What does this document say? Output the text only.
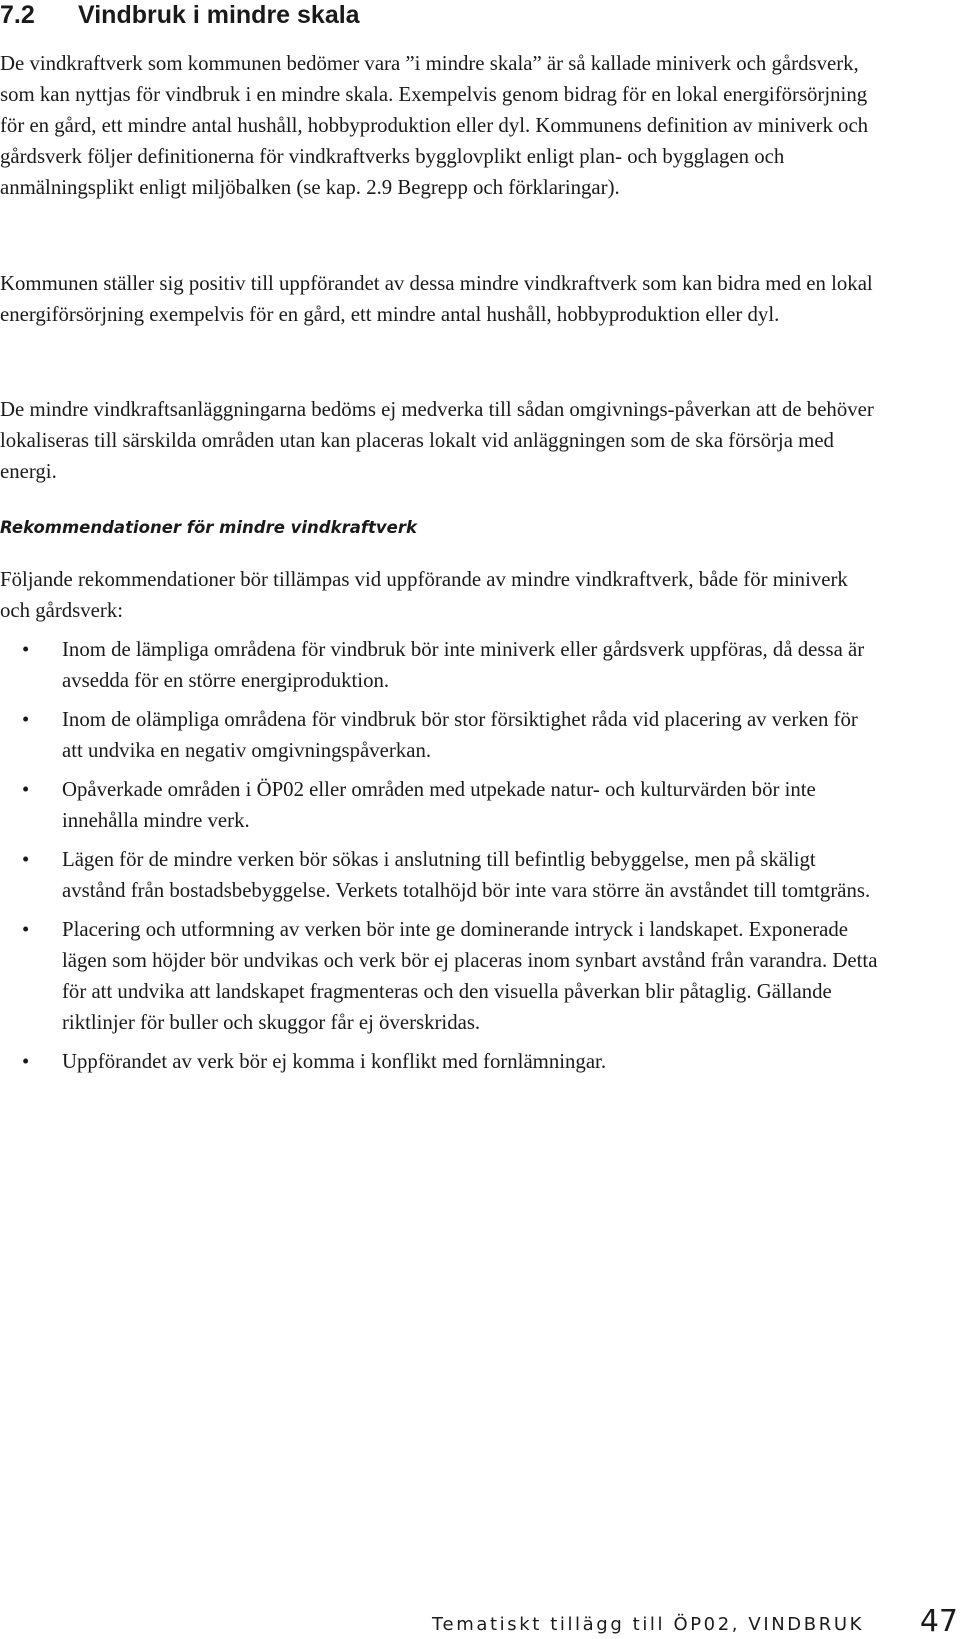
7.2 Vindbruk i mindre skala

De vindkraftverk som kommunen bedömer vara ”i mindre skala” är så kallade miniverk och gårdsverk, som kan nyttjas för vindbruk i en mindre skala. Exempelvis genom bidrag för en lokal energiförsörjning för en gård, ett mindre antal hushåll, hobbyproduktion eller dyl. Kommunens definition av miniverk och gårdsverk följer definitionerna för vindkraftverks bygglovplikt enligt plan- och bygglagen och anmälningsplikt enligt miljöbalken (se kap. 2.9 Begrepp och förklaringar).

Kommunen ställer sig positiv till uppförandet av dessa mindre vindkraftverk som kan bidra med en lokal energiförsörjning exempelvis för en gård, ett mindre antal hushåll, hobbyproduktion eller dyl.

De mindre vindkraftsanläggningarna bedöms ej medverka till sådan omgivnings-påverkan att de behöver lokaliseras till särskilda områden utan kan placeras lokalt vid anläggningen som de ska försörja med energi.

Rekommendationer för mindre vindkraftverk

Följande rekommendationer bör tillämpas vid uppförande av mindre vindkraftverk, både för miniverk och gårdsverk:

• Inom de lämpliga områdena för vindbruk bör inte miniverk eller gårdsverk uppföras, då dessa är avsedda för en större energiproduktion.
• Inom de olämpliga områdena för vindbruk bör stor försiktighet råda vid placering av verken för att undvika en negativ omgivningspåverkan.
• Opåverkade områden i ÖP02 eller områden med utpekade natur- och kulturvärden bör inte innehålla mindre verk.
• Lägen för de mindre verken bör sökas i anslutning till befintlig bebyggelse, men på skäligt avstånd från bostadsbebyggelse. Verkets totalhöjd bör inte vara större än avståndet till tomtgräns.
• Placering och utformning av verken bör inte ge dominerande intryck i landskapet. Exponerade lägen som höjder bör undvikas och verk bör ej placeras inom synbart avstånd från varandra. Detta för att undvika att landskapet fragmenteras och den visuella påverkan blir påtaglig. Gällande riktlinjer för buller och skuggor får ej överskridas.
• Uppförandet av verk bör ej komma i konflikt med fornlämningar.
Tematiskt tillägg till ÖP02, VINDBRUK 47
